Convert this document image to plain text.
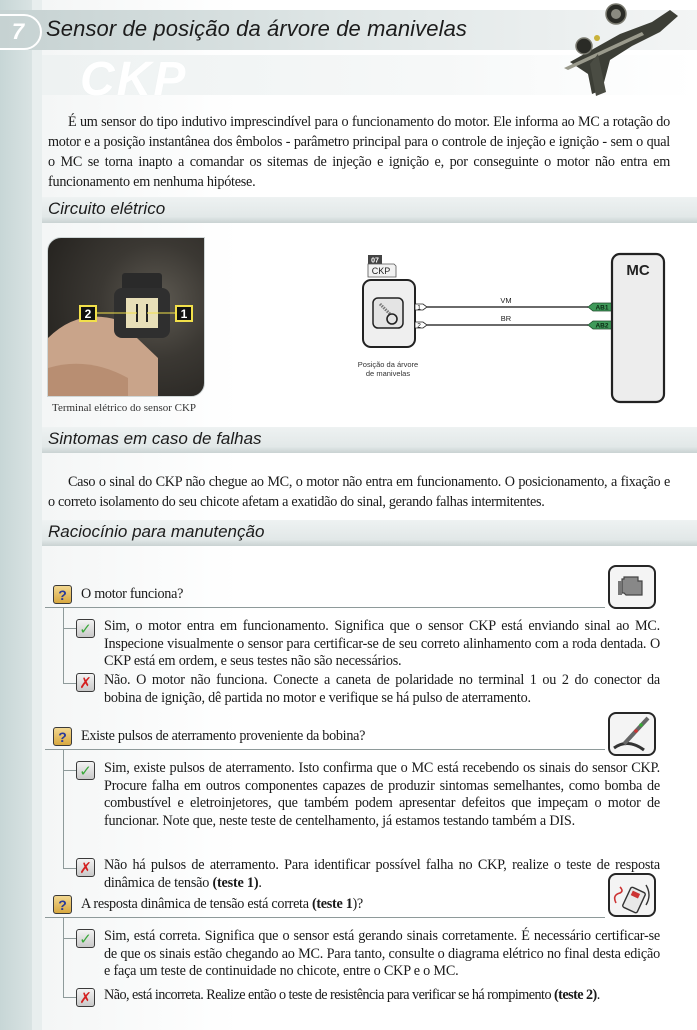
7 Sensor de posição da árvore de manivelas
CKP

É um sensor do tipo indutivo imprescindível para o funcionamento do motor. Ele informa ao MC a rotação do motor e a posição instantânea dos êmbolos - parâmetro principal para o controle de injeção e ignição - sem o qual o MC se torna inapto a comandar os sitemas de injeção e ignição e, por conseguinte o motor não entra em funcionamento em nenhuma hipótese.

Circuito elétrico
2	1
Terminal elétrico do sensor CKP
07
CKP
1
2
VM
BR
AB1
AB2
MC
Posição da árvore
de manivelas
Sintomas em caso de falhas

Caso o sinal do CKP não chegue ao MC, o motor não entra em funcionamento. O posicionamento, a fixação e o correto isolamento do seu chicote afetam a exatidão do sinal, gerando falhas intermitentes.

Raciocínio para manutenção
?	O motor funciona?
✓ Sim, o motor entra em funcionamento. Significa que o sensor CKP está enviando sinal ao MC. Inspecione visualmente o sensor para certificar-se de seu correto alinhamento com a roda dentada. O CKP está em ordem, e seus testes não são necessários.

✗ Não. O motor não funciona. Conecte a caneta de polaridade no terminal 1 ou 2 do conector da bobina de ignição, dê partida no motor e verifique se há pulso de aterramento.

?	Existe pulsos de aterramento proveniente da bobina?
✓ Sim, existe pulsos de aterramento. Isto confirma que o MC está recebendo os sinais do sensor CKP. Procure falha em outros componentes capazes de produzir sintomas semelhantes, como bomba de combustível e eletroinjetores, que também podem apresentar defeitos que impeçam o motor de funcionar. Note que, neste teste de centelhamento, já estamos testando também a DIS.

✗ Não há pulsos de aterramento. Para identificar possível falha no CKP, realize o teste de resposta dinâmica de tensão (teste 1).

?	A resposta dinâmica de tensão está correta (teste 1)?
✓ Sim, está correta. Significa que o sensor está gerando sinais corretamente. É necessário certificar-se de que os sinais estão chegando ao MC. Para tanto, consulte o diagrama elétrico no final desta edição e faça um teste de continuidade no chicote, entre o CKP e o MC.

✗ Não, está incorreta. Realize então o teste de resistência para verificar se há rompimento (teste 2).
